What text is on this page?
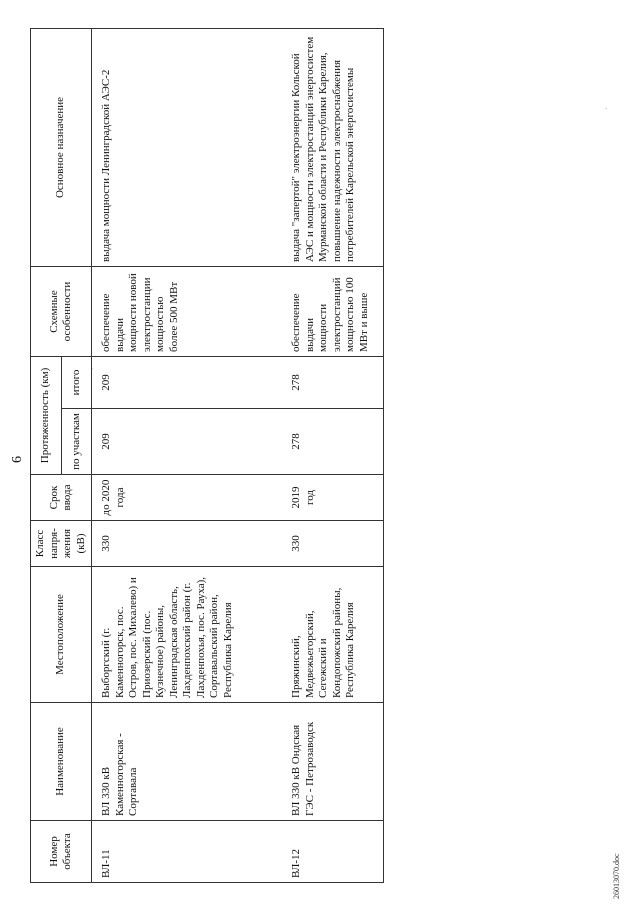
6
·
·
Номер объекта	Наименование	Местоположение	Класс напря-жения (кВ)	Срок ввода	Протяженность (км)		Схемные особенности	Основное назначение
					по участкам	итого		
ВЛ-11	ВЛ 330 кВ Каменногорская - Сортавала	Выборгский (г. Каменногорск, пос. Остров, пос. Михалево) и Приозерский (пос. Кузнечное) районы, Ленинградская область, Лахденпохский район (г. Лахденпохья, пос. Рауха), Сортавальский район, Республика Карелия	330	до 2020 года	209	209	обеспечение выдачи мощности новой электростанции мощностью более 500 МВт	выдача мощности Ленинградской АЭС-2
ВЛ-12	ВЛ 330 кВ Ондская ГЭС - Петрозаводск	Пряжинский, Медвежьегорский, Сегежский и Кондопожский районы, Республика Карелия	330	2019 год	278	278	обеспечение выдачи мощности электростанций мощностью 100 МВт и выше	выдача "запертой" электроэнергии Кольской АЭС и мощности электростанций энергосистем Мурманской области и Республики Карелия, повышение надежности электроснабжения потребителей Карельской энергосистемы
26013070.doc
